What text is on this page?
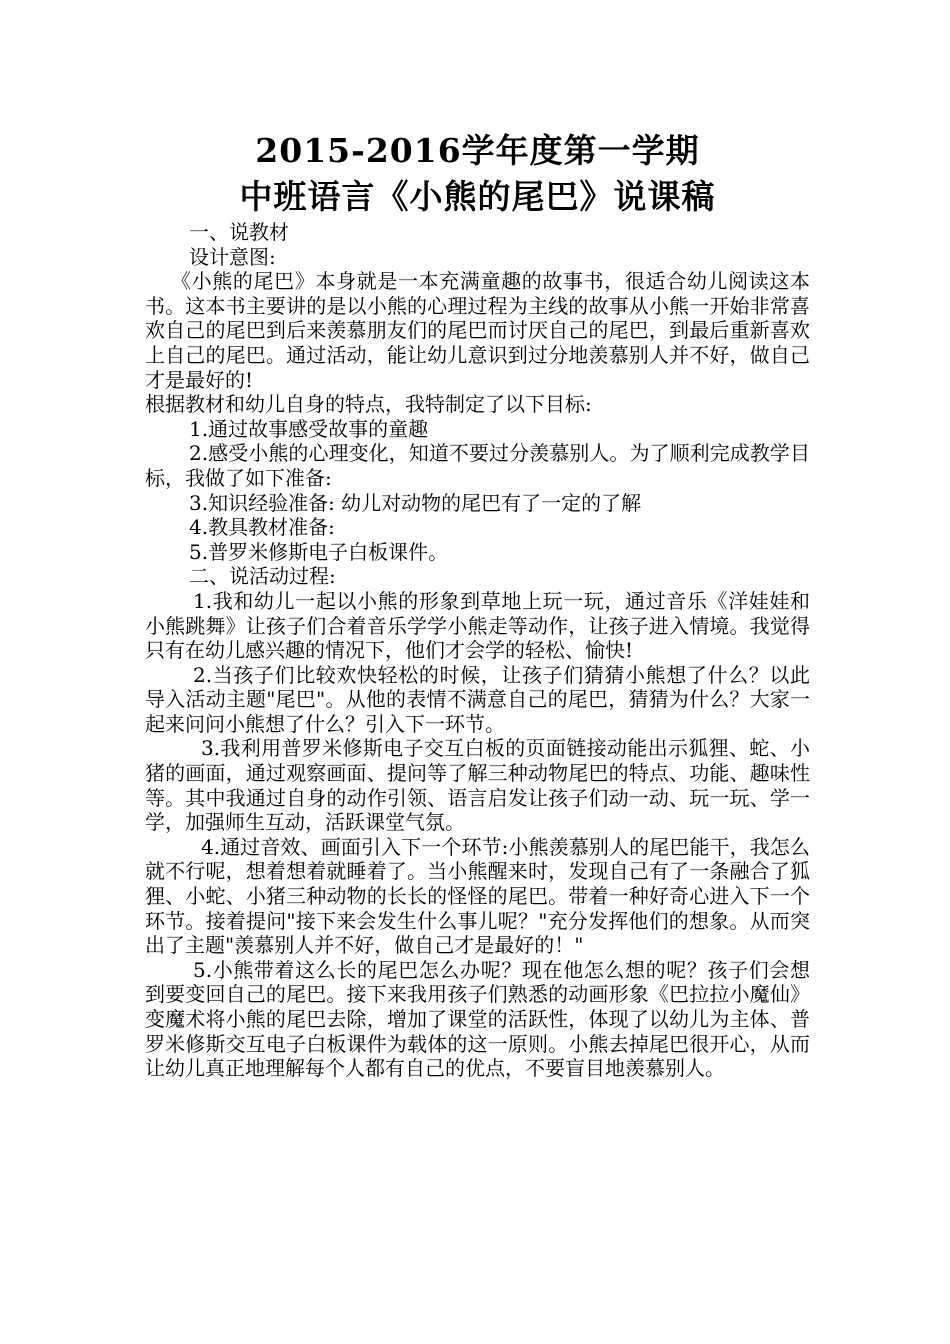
2015-2016学年度第一学期
中班语言《小熊的尾巴》说课稿

一、说教材

设计意图:

《小熊的尾巴》本身就是一本充满童趣的故事书，很适合幼儿阅读这本书。这本书主要讲的是以小熊的心理过程为主线的故事从小熊一开始非常喜欢自己的尾巴到后来羡慕朋友们的尾巴而讨厌自己的尾巴，到最后重新喜欢上自己的尾巴。通过活动，能让幼儿意识到过分地羡慕别人并不好，做自己才是最好的!

根据教材和幼儿自身的特点，我特制定了以下目标:

1.通过故事感受故事的童趣

2.感受小熊的心理变化，知道不要过分羡慕别人。为了顺利完成教学目标，我做了如下准备:

3.知识经验准备: 幼儿对动物的尾巴有了一定的了解

4.教具教材准备:

5.普罗米修斯电子白板课件。

二、说活动过程:

1.我和幼儿一起以小熊的形象到草地上玩一玩，通过音乐《洋娃娃和小熊跳舞》让孩子们合着音乐学学小熊走等动作，让孩子进入情境。我觉得只有在幼儿感兴趣的情况下，他们才会学的轻松、愉快!

2.当孩子们比较欢快轻松的时候，让孩子们猜猜小熊想了什么？以此导入活动主题"尾巴"。从他的表情不满意自己的尾巴，猜猜为什么？大家一起来问问小熊想了什么？引入下一环节。

3.我利用普罗米修斯电子交互白板的页面链接动能出示狐狸、蛇、小猪的画面，通过观察画面、提问等了解三种动物尾巴的特点、功能、趣味性等。其中我通过自身的动作引领、语言启发让孩子们动一动、玩一玩、学一学，加强师生互动，活跃课堂气氛。

4.通过音效、画面引入下一个环节:小熊羡慕别人的尾巴能干，我怎么就不行呢，想着想着就睡着了。当小熊醒来时，发现自己有了一条融合了狐狸、小蛇、小猪三种动物的长长的怪怪的尾巴。带着一种好奇心进入下一个环节。接着提问"接下来会发生什么事儿呢？"充分发挥他们的想象。从而突出了主题"羡慕别人并不好，做自己才是最好的！"

5.小熊带着这么长的尾巴怎么办呢？现在他怎么想的呢？孩子们会想到要变回自己的尾巴。接下来我用孩子们熟悉的动画形象《巴拉拉小魔仙》变魔术将小熊的尾巴去除，增加了课堂的活跃性，体现了以幼儿为主体、普罗米修斯交互电子白板课件为载体的这一原则。小熊去掉尾巴很开心，从而让幼儿真正地理解每个人都有自己的优点，不要盲目地羡慕别人。
